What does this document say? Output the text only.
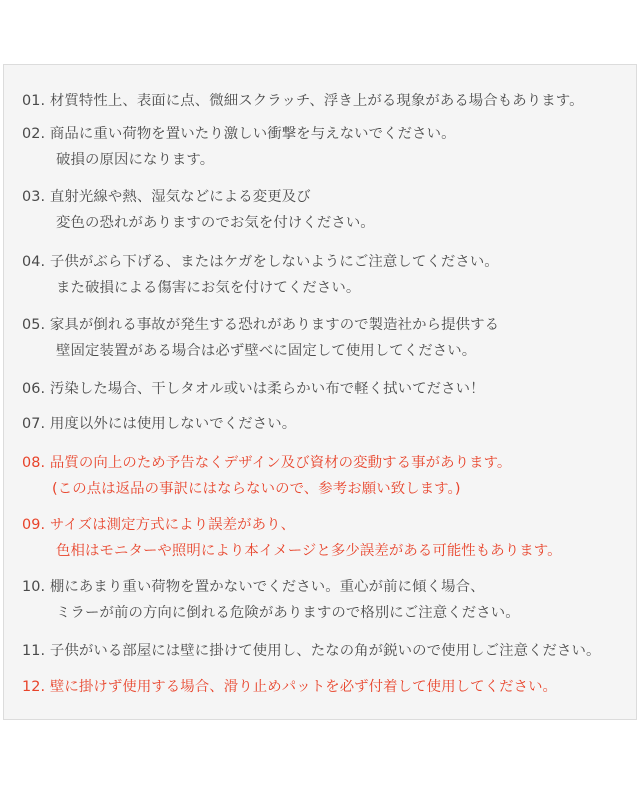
01. 材質特性上、表面に点、微細スクラッチ、浮き上がる現象がある場合もあります。
02. 商品に重い荷物を置いたり激しい衝撃を与えないでください。
破損の原因になります。
03. 直射光線や熱、湿気などによる変更及び
変色の恐れがありますのでお気を付けください。
04. 子供がぶら下げる、またはケガをしないようにご注意してください。
また破損による傷害にお気を付けてください。
05. 家具が倒れる事故が発生する恐れがありますので製造社から提供する
壁固定装置がある場合は必ず壁べに固定して使用してください。
06. 汚染した場合、干しタオル或いは柔らかい布で軽く拭いてださい！
07. 用度以外には使用しないでください。
08. 品質の向上のため予告なくデザイン及び資材の変動する事があります。
(この点は返品の事訳にはならないので、参考お願い致します。)
09. サイズは測定方式により誤差があり、
色相はモニターや照明により本イメージと多少誤差がある可能性もあります。
10. 棚にあまり重い荷物を置かないでください。重心が前に傾く場合、
ミラーが前の方向に倒れる危険がありますので格別にご注意ください。
11. 子供がいる部屋には壁に掛けて使用し、たなの角が鋭いので使用しご注意ください。
12. 壁に掛けず使用する場合、滑り止めパットを必ず付着して使用してください。
